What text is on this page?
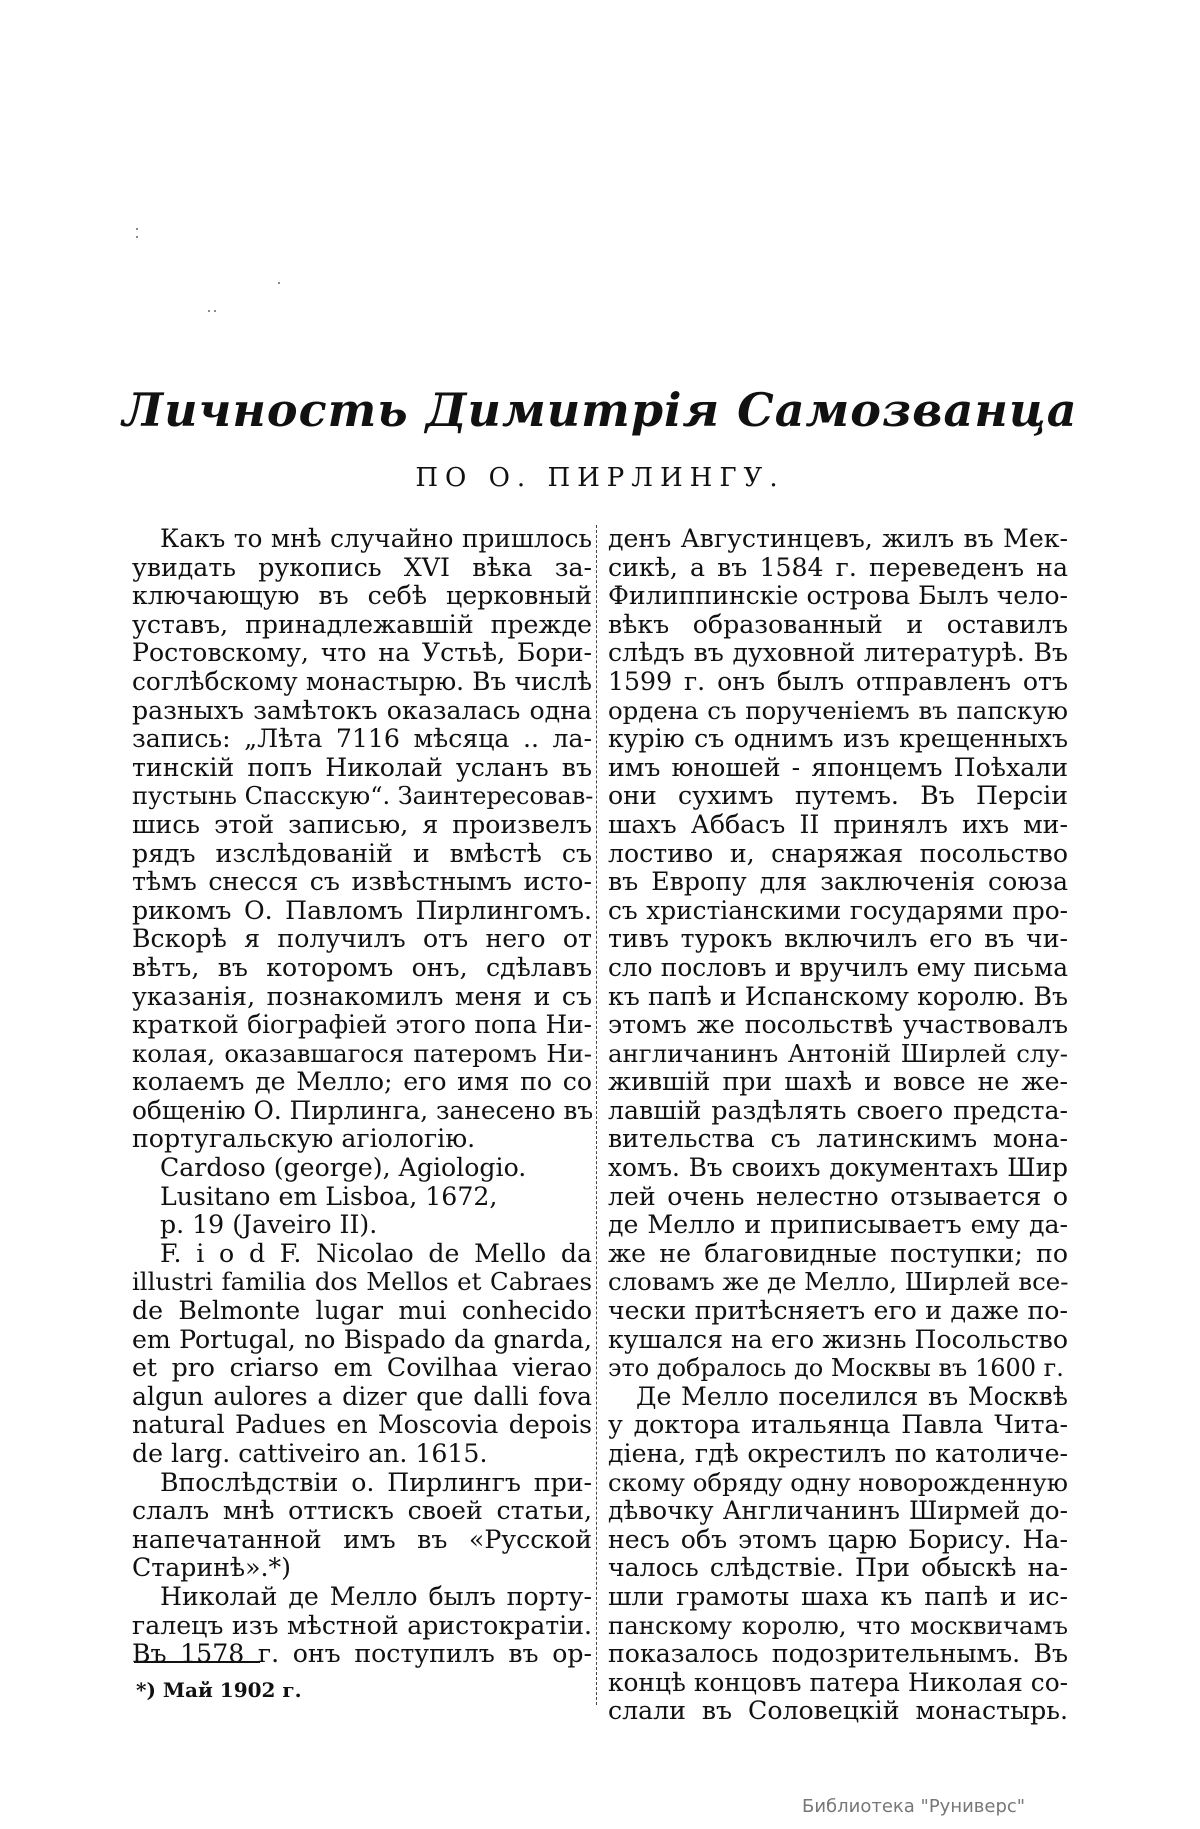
Личность Димитрія Самозванца
ПО О. ПИРЛИНГУ.
Какъ то мнѣ случайно пришлось
увидать рукопись XVI вѣка за-
ключающую въ себѣ церковный
уставъ, принадлежавшій прежде
Ростовскому, что на Устьѣ, Бори-
соглѣбскому монастырю. Въ числѣ
разныхъ замѣтокъ оказалась одна
запись: „Лѣта 7116 мѣсяца .. ла-
тинскій попъ Николай усланъ въ
пустынь Спасскую“. Заинтересовав-
шись этой записью, я произвелъ
рядъ изслѣдованій и вмѣстѣ съ
тѣмъ снесся съ извѣстнымъ исто-
рикомъ О. Павломъ Пирлингомъ.
Вскорѣ я получилъ отъ него от
вѣтъ, въ которомъ онъ, сдѣлавъ
указанія, познакомилъ меня и съ
краткой біографіей этого попа Ни-
колая, оказавшагося патеромъ Ни-
колаемъ де Мелло; его имя по со
общенію О. Пирлинга, занесено въ
португальскую агіологію.
Cardoso (george), Agiologio.
Lusitano em Lisboa, 1672,
p. 19 (Javeiro II).
F. i o d F. Nicolao de Mello da
illustri familia dos Mellos et Cabraes
de Belmonte lugar mui conhecido
em Portugal, no Bispado da gnarda,
et pro criarso em Covilhaa vierao
algun aulores a dizer que dalli fova
natural Padues en Moscovia depois
de larg. cattiveiro an. 1615.
Впослѣдствіи о. Пирлингъ при-
слалъ мнѣ оттискъ своей статьи,
напечатанной имъ въ «Русской
Старинѣ».*)
Николай де Мелло былъ порту-
галецъ изъ мѣстной аристократіи.
Въ 1578 г. онъ поступилъ въ ор-
денъ Августинцевъ, жилъ въ Мек-
сикѣ, а въ 1584 г. переведенъ на
Филиппинскіе острова Былъ чело-
вѣкъ образованный и оставилъ
слѣдъ въ духовной литературѣ. Въ
1599 г. онъ былъ отправленъ отъ
ордена съ порученіемъ въ папскую
курію съ однимъ изъ крещенныхъ
имъ юношей - японцемъ Поѣхали
они сухимъ путемъ. Въ Персіи
шахъ Аббасъ II принялъ ихъ ми-
лостиво и, снаряжая посольство
въ Европу для заключенія союза
съ христіанскими государями про-
тивъ турокъ включилъ его въ чи-
сло пословъ и вручилъ ему письма
къ папѣ и Испанскому королю. Въ
этомъ же посольствѣ участвовалъ
англичанинъ Антоній Ширлей слу-
жившій при шахѣ и вовсе не же-
лавшій раздѣлять своего предста-
вительства съ латинскимъ мона-
хомъ. Въ своихъ документахъ Шир
лей очень нелестно отзывается о
де Мелло и приписываетъ ему да-
же не благовидные поступки; по
словамъ же де Мелло, Ширлей все-
чески притѣсняетъ его и даже по-
кушался на его жизнь Посольство
это добралось до Москвы въ 1600 г.
Де Мелло поселился въ Москвѣ
у доктора итальянца Павла Чита-
діена, гдѣ окрестилъ по католиче-
скому обряду одну новорожденную
дѣвочку Англичанинъ Ширмей до-
несъ объ этомъ царю Борису. На-
чалось слѣдствіе. При обыскѣ на-
шли грамоты шаха къ папѣ и ис-
панскому королю, что москвичамъ
показалось подозрительнымъ. Въ
концѣ концовъ патера Николая со-
слали въ Соловецкій монастырь.
*) Май 1902 г.
Библиотека "Руниверс"
